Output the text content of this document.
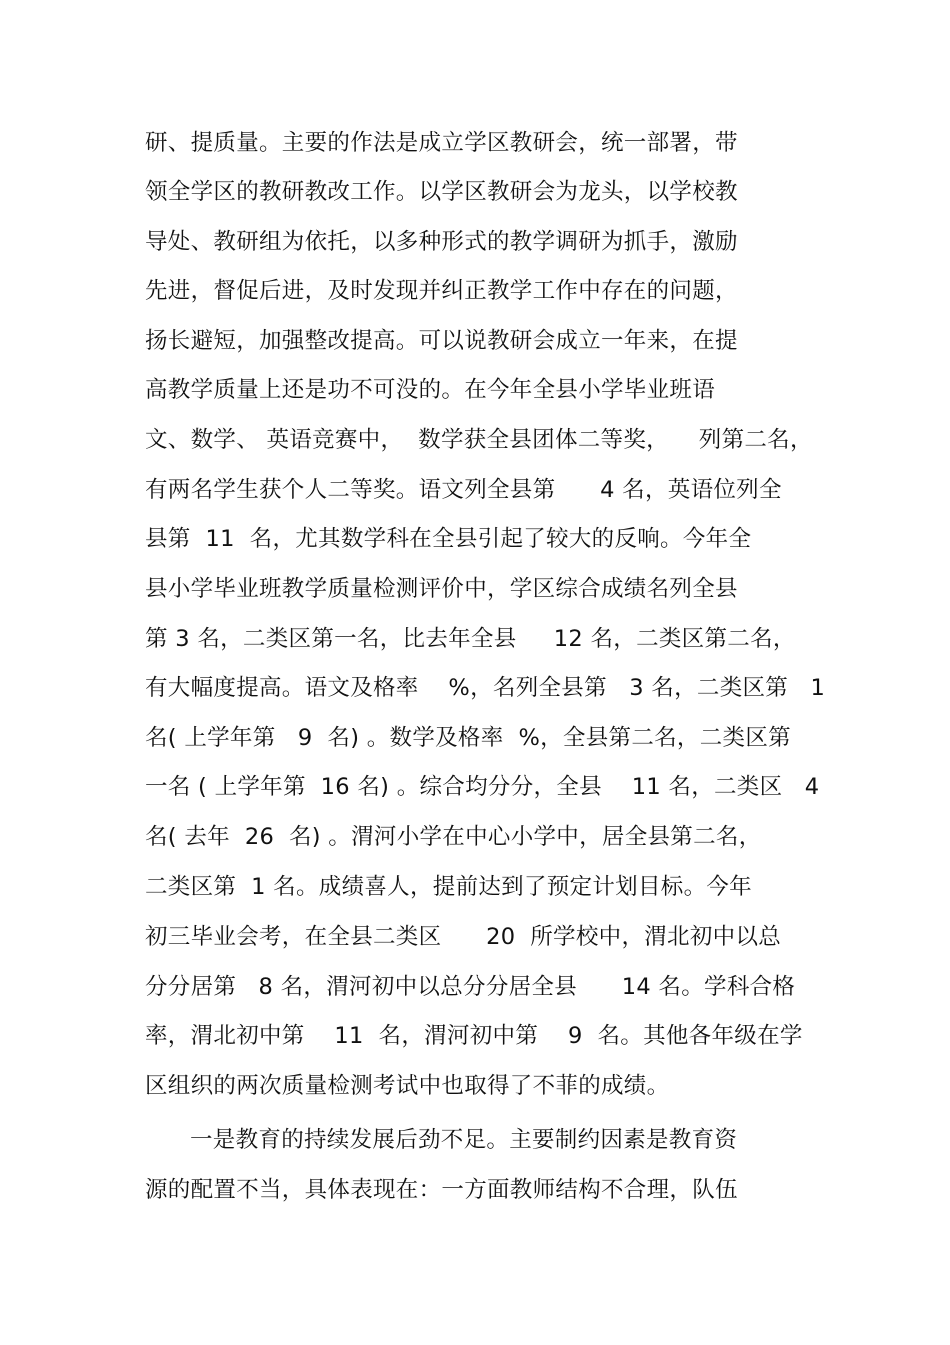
研、提质量。主要的作法是成立学区教研会，统一部署，带
领全学区的教研教改工作。以学区教研会为龙头，以学校教
导处、教研组为依托，以多种形式的教学调研为抓手，激励
先进，督促后进，及时发现并纠正教学工作中存在的问题，
扬长避短，加强整改提高。可以说教研会成立一年来，在提
高教学质量上还是功不可没的。在今年全县小学毕业班语
文、数学、 英语竞赛中，  数学获全县团体二等奖，    列第二名，
有两名学生获个人二等奖。语文列全县第      4 名，英语位列全
县第  11  名，尤其数学科在全县引起了较大的反响。今年全
县小学毕业班教学质量检测评价中，学区综合成绩名列全县
第 3 名，二类区第一名，比去年全县     12 名，二类区第二名，
有大幅度提高。语文及格率    %，名列全县第   3 名，二类区第   1
名( 上学年第   9  名) 。数学及格率  %，全县第二名，二类区第
一名 ( 上学年第  16 名) 。综合均分分，全县    11 名，二类区   4
名( 去年  26  名) 。渭河小学在中心小学中，居全县第二名，
二类区第  1 名。成绩喜人，提前达到了预定计划目标。今年
初三毕业会考，在全县二类区      20  所学校中，渭北初中以总
分分居第   8 名，渭河初中以总分分居全县      14 名。学科合格
率，渭北初中第    11  名，渭河初中第    9  名。其他各年级在学
区组织的两次质量检测考试中也取得了不菲的成绩。
一是教育的持续发展后劲不足。主要制约因素是教育资
源的配置不当，具体表现在：一方面教师结构不合理，队伍
